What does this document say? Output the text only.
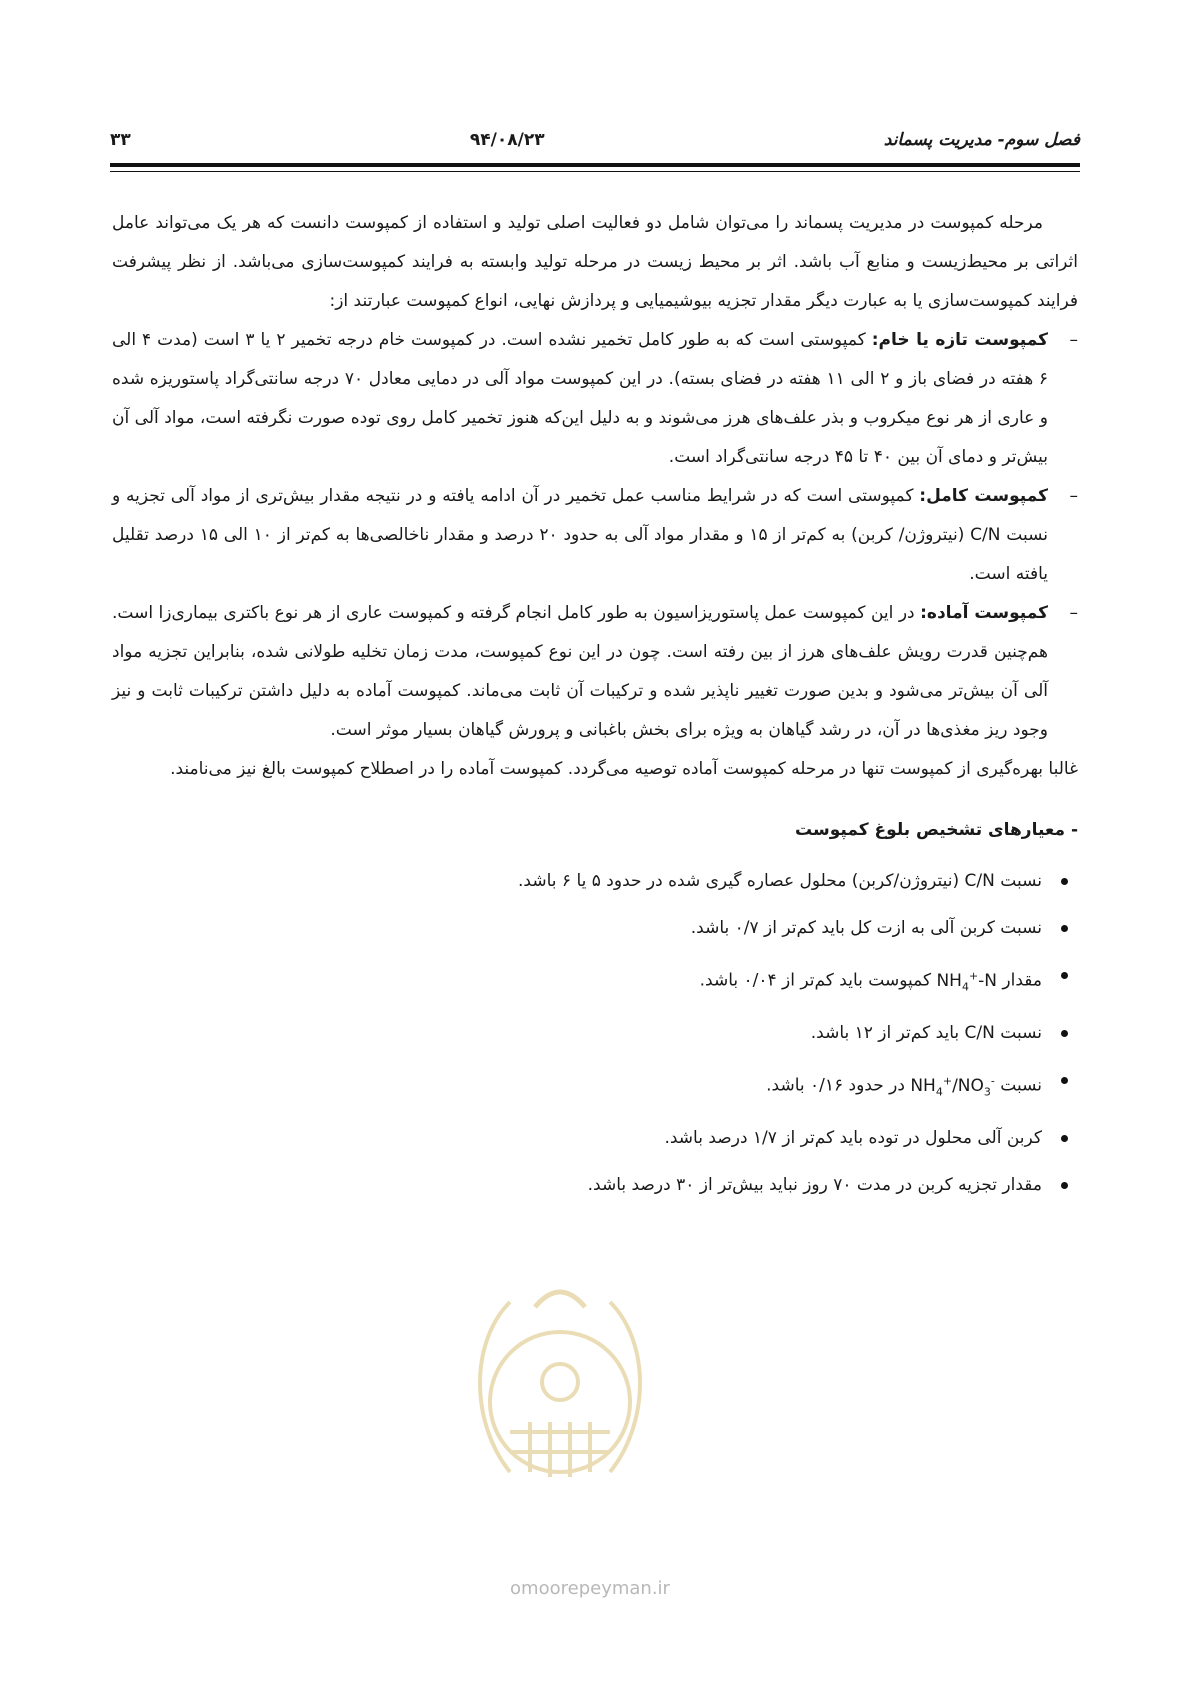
فصل سوم- مدیریت پسماند
۹۴/۰۸/۲۳
۳۳

مرحله کمپوست در مدیریت پسماند را می‌توان شامل دو فعالیت اصلی تولید و استفاده از کمپوست دانست که هر یک می‌تواند عامل اثراتی بر محیط‌زیست و منابع آب باشد. اثر بر محیط زیست در مرحله تولید وابسته به فرایند کمپوست‌سازی می‌باشد. از نظر پیشرفت فرایند کمپوست‌سازی یا به عبارت دیگر مقدار تجزیه بیوشیمیایی و پردازش نهایی، انواع کمپوست عبارتند از:

–
کمپوست تازه یا خام: کمپوستی است که به طور کامل تخمیر نشده است. در کمپوست خام درجه تخمیر ۲ یا ۳ است (مدت ۴ الی ۶ هفته در فضای باز و ۲ الی ۱۱ هفته در فضای بسته). در این کمپوست مواد آلی در دمایی معادل ۷۰ درجه سانتی‌گراد پاستوریزه شده و عاری از هر نوع میکروب و بذر علف‌های هرز می‌شوند و به دلیل این‌که هنوز تخمیر کامل روی توده صورت نگرفته است، مواد آلی آن بیش‌تر و دمای آن بین ۴۰ تا ۴۵ درجه سانتی‌گراد است.
–
کمپوست کامل: کمپوستی است که در شرایط مناسب عمل تخمیر در آن ادامه یافته و در نتیجه مقدار بیش‌تری از مواد آلی تجزیه و نسبت C/N (نیتروژن/ کربن) به کم‌تر از ۱۵ و مقدار مواد آلی به حدود ۲۰ درصد و مقدار ناخالصی‌ها به کم‌تر از ۱۰ الی ۱۵ درصد تقلیل یافته است.
–
کمپوست آماده: در این کمپوست عمل پاستوریزاسیون به طور کامل انجام گرفته و کمپوست عاری از هر نوع باکتری بیماری‌زا است. هم‌چنین قدرت رویش علف‌های هرز از بین رفته است. چون در این نوع کمپوست، مدت زمان تخلیه طولانی شده، بنابراین تجزیه مواد آلی آن بیش‌تر می‌شود و بدین صورت تغییر ناپذیر شده و ترکیبات آن ثابت می‌ماند. کمپوست آماده به دلیل داشتن ترکیبات ثابت و نیز وجود ریز مغذی‌ها در آن، در رشد گیاهان به ویژه برای بخش باغبانی و پرورش گیاهان بسیار موثر است.

غالبا بهره‌گیری از کمپوست تنها در مرحله کمپوست آماده توصیه می‌گردد. کمپوست آماده را در اصطلاح کمپوست بالغ نیز می‌نامند.

- معیارهای تشخیص بلوغ کمپوست

نسبت C/N (نیتروژن/کربن) محلول عصاره گیری شده در حدود ۵ یا ۶ باشد.
نسبت کربن آلی به ازت کل باید کم‌تر از ۰/۷ باشد.
مقدار $NH_4^+-N$ کمپوست باید کم‌تر از ۰/۰۴ باشد.
نسبت C/N باید کم‌تر از ۱۲ باشد.
نسبت $NH_4^+/NO_3^-$ در حدود ۰/۱۶ باشد.
کربن آلی محلول در توده باید کم‌تر از ۱/۷ درصد باشد.
مقدار تجزیه کربن در مدت ۷۰ روز نباید بیش‌تر از ۳۰ درصد باشد.
omoorepeyman.ir
